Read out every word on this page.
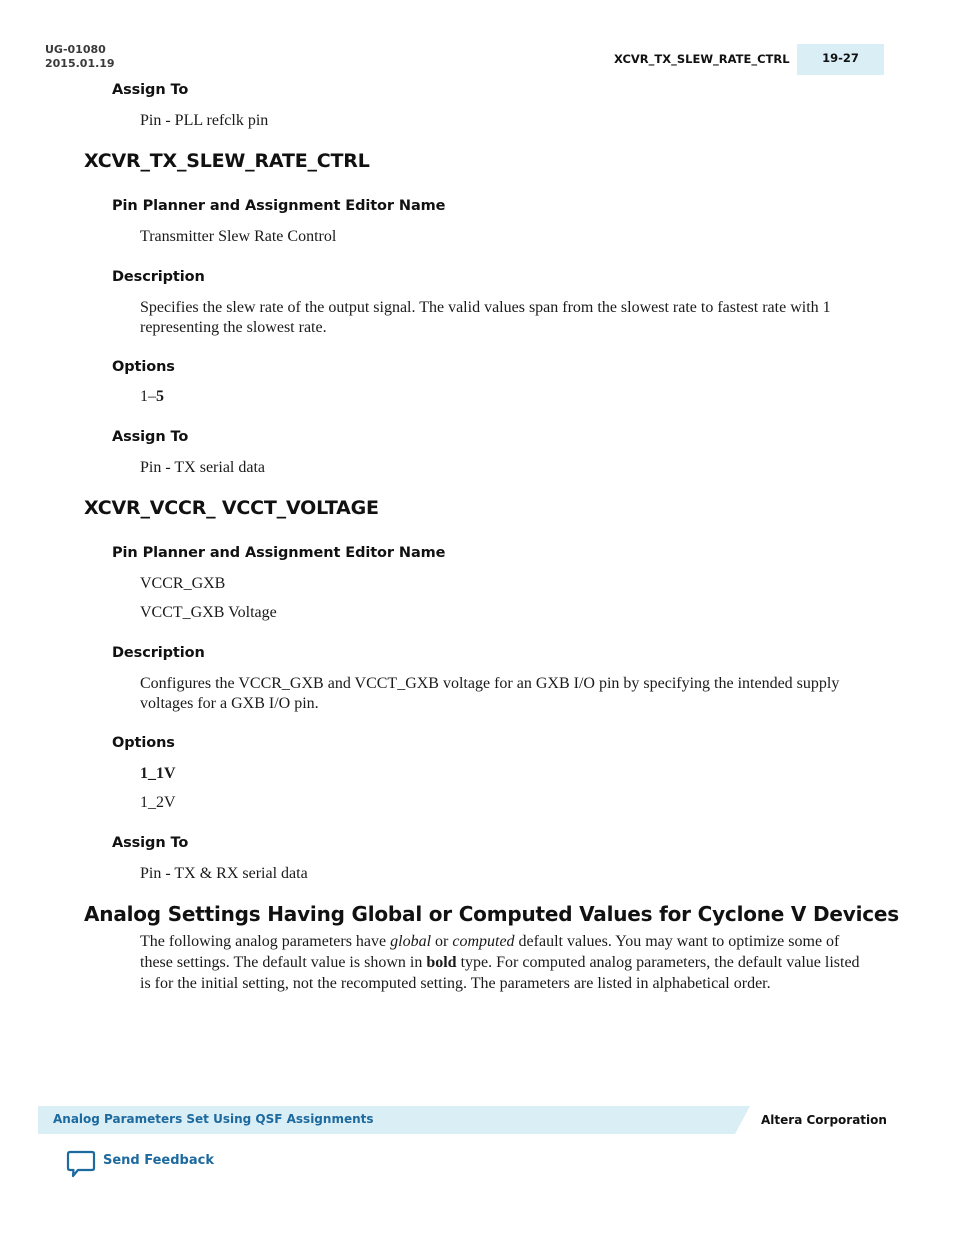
UG-01080
2015.01.19	XCVR_TX_SLEW_RATE_CTRL	19-27
Assign To
Pin - PLL refclk pin
XCVR_TX_SLEW_RATE_CTRL
Pin Planner and Assignment Editor Name
Transmitter Slew Rate Control
Description
Specifies the slew rate of the output signal. The valid values span from the slowest rate to fastest rate with 1 representing the slowest rate.
Options
1–5
Assign To
Pin - TX serial data
XCVR_VCCR_ VCCT_VOLTAGE
Pin Planner and Assignment Editor Name
VCCR_GXB
VCCT_GXB Voltage
Description
Configures the VCCR_GXB and VCCT_GXB voltage for an GXB I/O pin by specifying the intended supply voltages for a GXB I/O pin.
Options
1_1V
1_2V
Assign To
Pin - TX & RX serial data
Analog Settings Having Global or Computed Values for Cyclone V Devices
The following analog parameters have global or computed default values. You may want to optimize some of these settings. The default value is shown in bold type. For computed analog parameters, the default value listed is for the initial setting, not the recomputed setting. The parameters are listed in alphabetical order.
Analog Parameters Set Using QSF Assignments	Altera Corporation
Send Feedback
